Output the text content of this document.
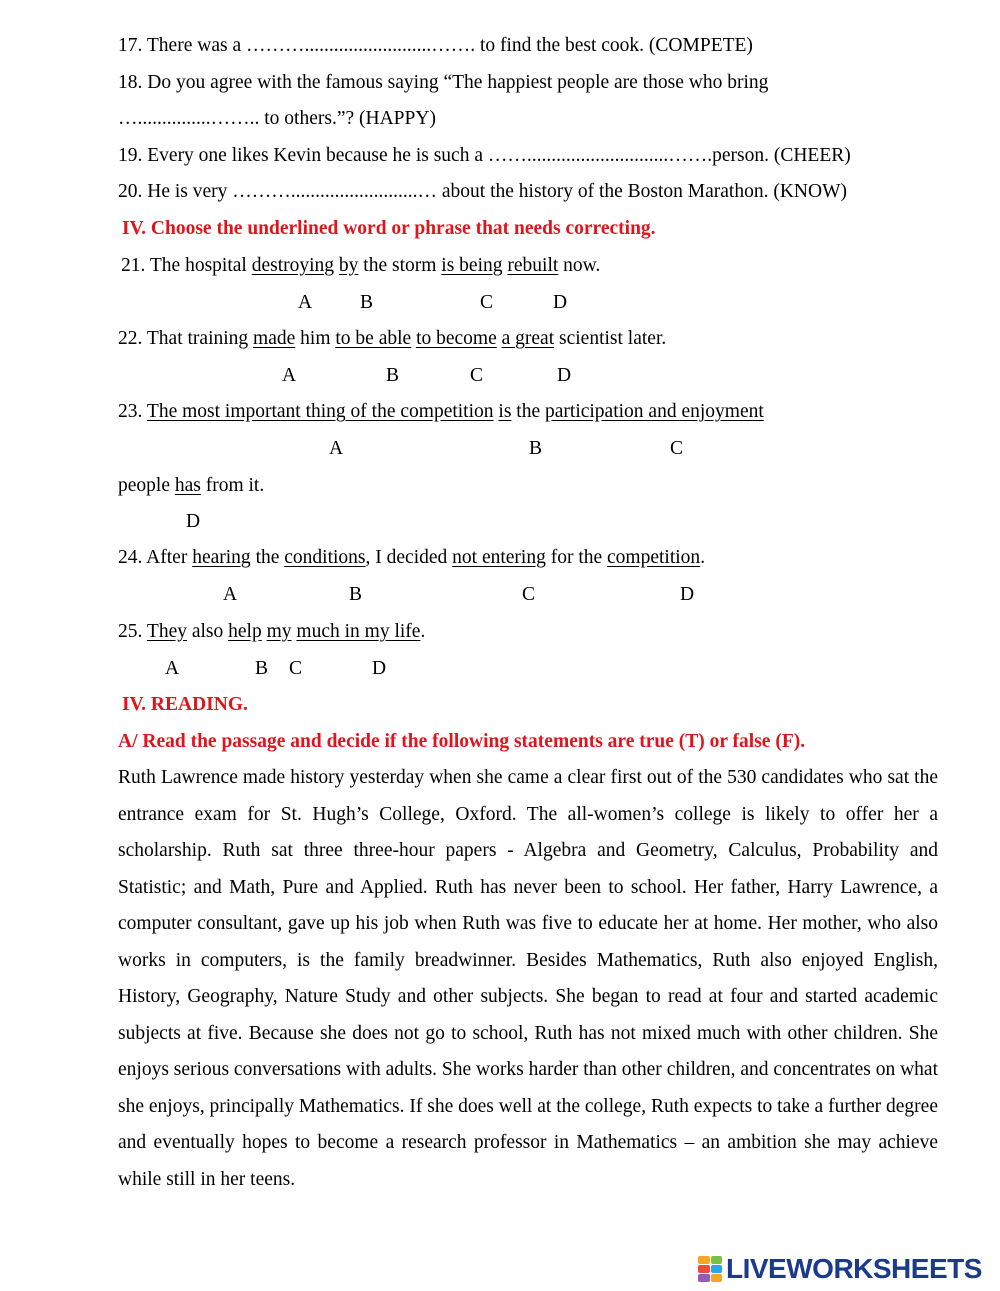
17. There was a ………..........................……. to find the best cook. (COMPETE)
18. Do you agree with the famous saying “The happiest people are those who bring
…...............…….. to others.”? (HAPPY)
19. Every one likes Kevin because he is such a …….............................…….person. (CHEER)
20. He is very ………..........................… about the history of the Boston Marathon. (KNOW)
IV. Choose the underlined word or phrase that needs correcting.
21. The hospital destroying by the storm is being rebuilt now.
A B	C	D
22. That training made him to be able to become a great scientist later.
A	B	C	D
23. The most important thing of the competition is the participation and enjoyment
A	B	C
people has from it.
D
24. After hearing the conditions, I decided not entering for the competition.
A	B	C	D
25. They also help my much in my life.
A	B C	D
IV. READING.
A/ Read the passage and decide if the following statements are true (T) or false (F).
Ruth Lawrence made history yesterday when she came a clear first out of the 530 candidates who sat the entrance exam for St. Hugh’s College, Oxford. The all-women’s college is likely to offer her a scholarship. Ruth sat three three-hour papers - Algebra and Geometry, Calculus, Probability and Statistic; and Math, Pure and Applied. Ruth has never been to school. Her father, Harry Lawrence, a computer consultant, gave up his job when Ruth was five to educate her at home. Her mother, who also works in computers, is the family breadwinner. Besides Mathematics, Ruth also enjoyed English, History, Geography, Nature Study and other subjects. She began to read at four and started academic subjects at five. Because she does not go to school, Ruth has not mixed much with other children. She enjoys serious conversations with adults. She works harder than other children, and concentrates on what she enjoys, principally Mathematics. If she does well at the college, Ruth expects to take a further degree and eventually hopes to become a research professor in Mathematics – an ambition she may achieve while still in her teens.
LIVEWORKSHEETS
